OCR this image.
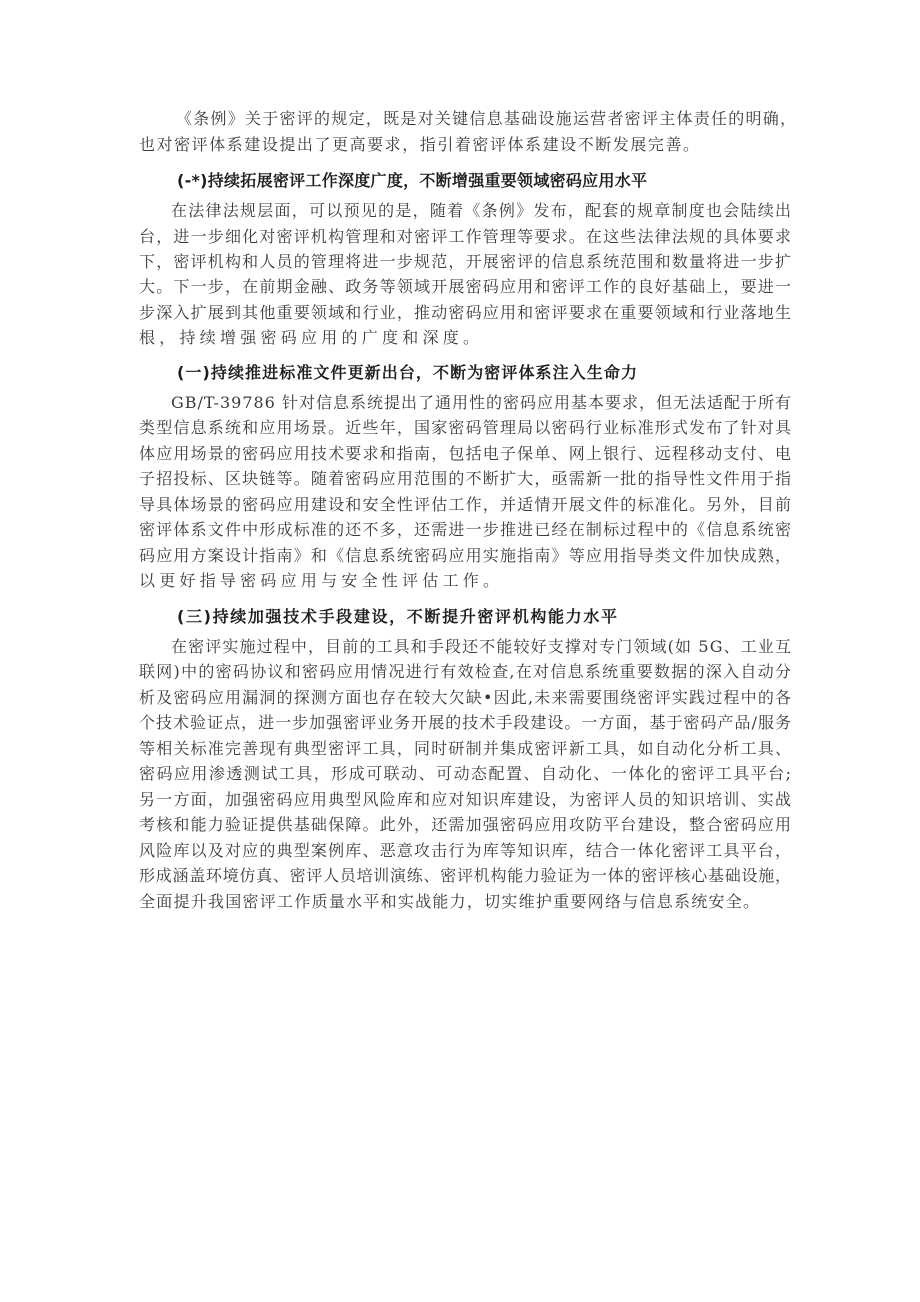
《条例》关于密评的规定，既是对关键信息基础设施运营者密评主体责任的明确，
也对密评体系建设提出了更高要求，指引着密评体系建设不断发展完善。
(-*)持续拓展密评工作深度广度，不断增强重要领域密码应用水平
在法律法规层面，可以预见的是，随着《条例》发布，配套的规章制度也会陆续出
台，进一步细化对密评机构管理和对密评工作管理等要求。在这些法律法规的具体要求
下，密评机构和人员的管理将进一步规范，开展密评的信息系统范围和数量将进一步扩
大。下一步，在前期金融、政务等领域开展密码应用和密评工作的良好基础上，要进一
步深入扩展到其他重要领域和行业，推动密码应用和密评要求在重要领域和行业落地生
根，持续增强密码应用的广度和深度。
(一)持续推进标准文件更新出台，不断为密评体系注入生命力
GB/T-39786 针对信息系统提出了通用性的密码应用基本要求，但无法适配于所有
类型信息系统和应用场景。近些年，国家密码管理局以密码行业标准形式发布了针对具
体应用场景的密码应用技术要求和指南，包括电子保单、网上银行、远程移动支付、电
子招投标、区块链等。随着密码应用范围的不断扩大，亟需新一批的指导性文件用于指
导具体场景的密码应用建设和安全性评估工作，并适情开展文件的标准化。另外，目前
密评体系文件中形成标准的还不多，还需进一步推进已经在制标过程中的《信息系统密
码应用方案设计指南》和《信息系统密码应用实施指南》等应用指导类文件加快成熟，
以更好指导密码应用与安全性评估工作。
(三)持续加强技术手段建设，不断提升密评机构能力水平
在密评实施过程中，目前的工具和手段还不能较好支撑对专门领域(如 5G、工业互
联网)中的密码协议和密码应用情况进行有效检查,在对信息系统重要数据的深入自动分
析及密码应用漏洞的探测方面也存在较大欠缺•因此,未来需要围绕密评实践过程中的各
个技术验证点，进一步加强密评业务开展的技术手段建设。一方面，基于密码产品/服务
等相关标准完善现有典型密评工具，同时研制并集成密评新工具，如自动化分析工具、
密码应用渗透测试工具，形成可联动、可动态配置、自动化、一体化的密评工具平台;
另一方面，加强密码应用典型风险库和应对知识库建设，为密评人员的知识培训、实战
考核和能力验证提供基础保障。此外，还需加强密码应用攻防平台建设，整合密码应用
风险库以及对应的典型案例库、恶意攻击行为库等知识库，结合一体化密评工具平台，
形成涵盖环境仿真、密评人员培训演练、密评机构能力验证为一体的密评核心基础设施，
全面提升我国密评工作质量水平和实战能力，切实维护重要网络与信息系统安全。
